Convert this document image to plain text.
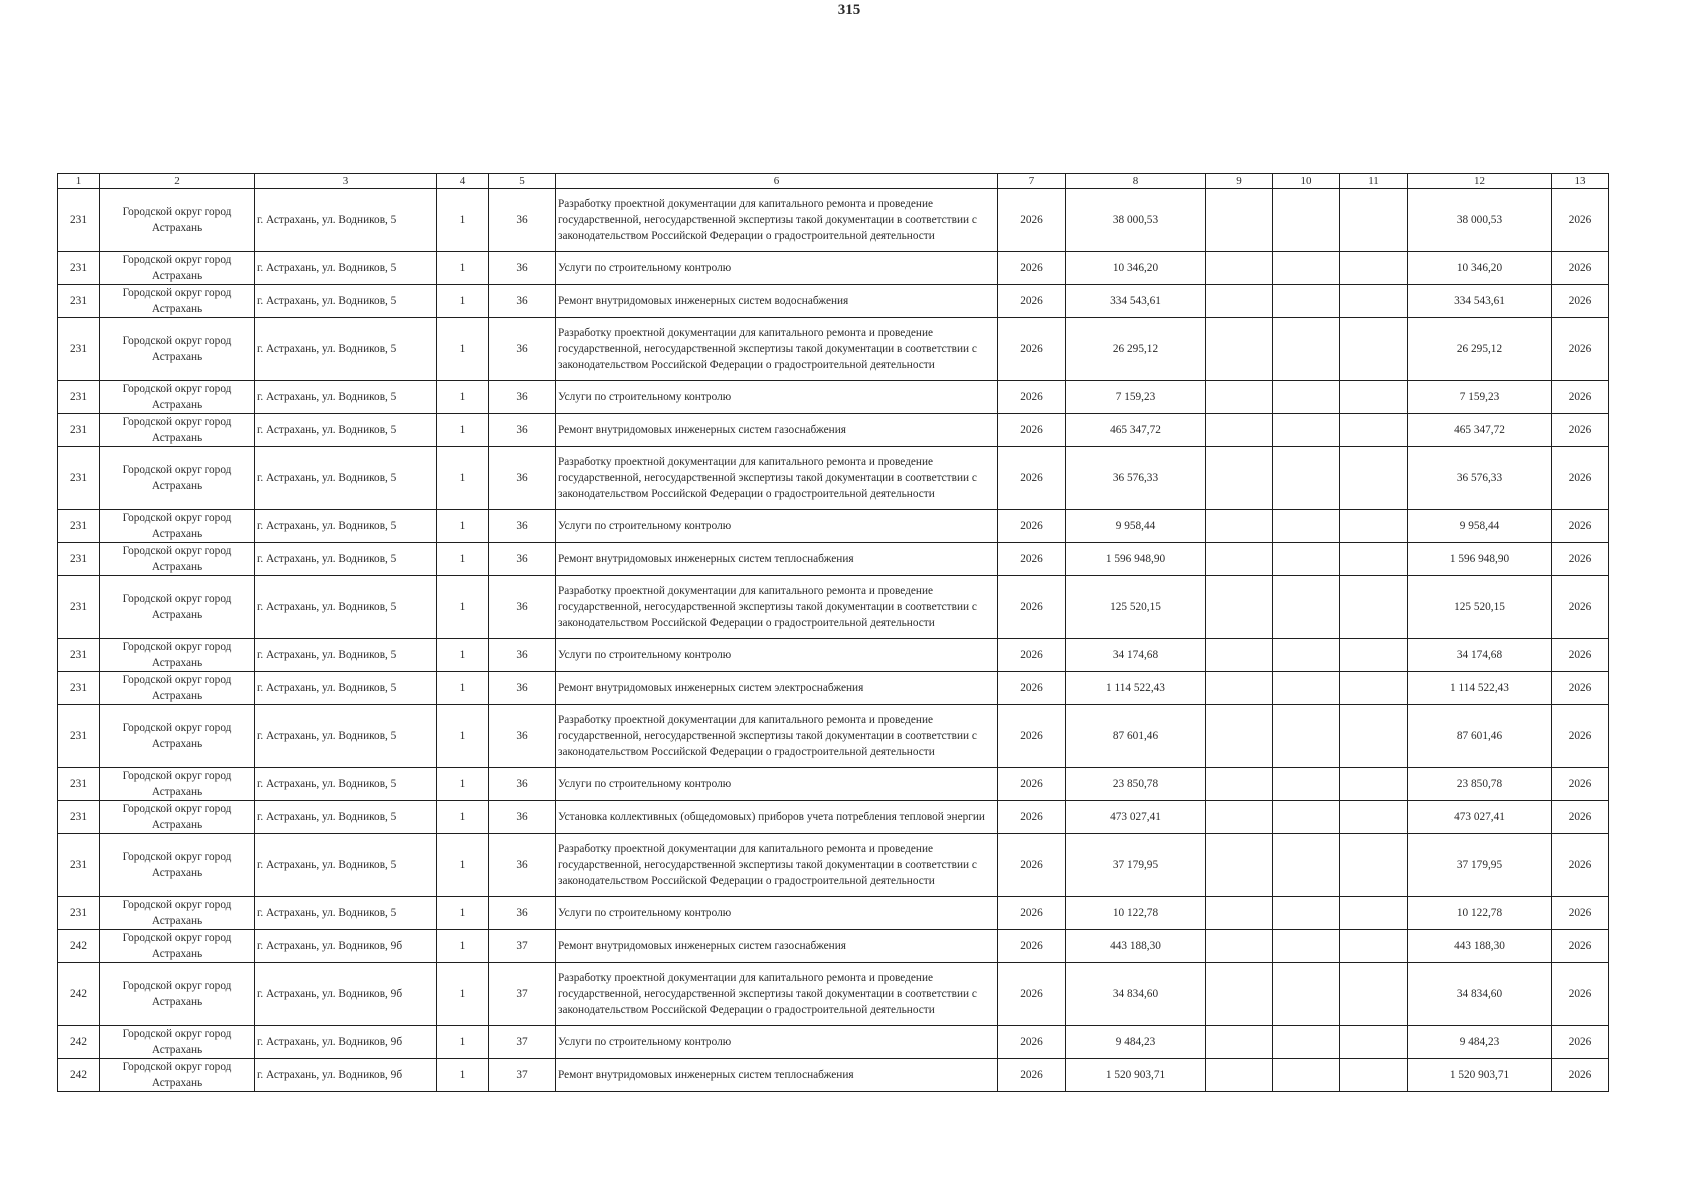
315
1	2	3	4	5	6	7	8	9	10	11	12	13
231	Городской округ город Астрахань	г. Астрахань, ул. Водников, 5	1	36	Разработку проектной документации для капитального ремонта и проведение государственной, негосударственной экспертизы такой документации в соответствии с законодательством Российской Федерации о градостроительной деятельности	2026	38 000,53				38 000,53	2026
231	Городской округ город Астрахань	г. Астрахань, ул. Водников, 5	1	36	Услуги по строительному контролю	2026	10 346,20				10 346,20	2026
231	Городской округ город Астрахань	г. Астрахань, ул. Водников, 5	1	36	Ремонт внутридомовых инженерных систем водоснабжения	2026	334 543,61				334 543,61	2026
231	Городской округ город Астрахань	г. Астрахань, ул. Водников, 5	1	36	Разработку проектной документации для капитального ремонта и проведение государственной, негосударственной экспертизы такой документации в соответствии с законодательством Российской Федерации о градостроительной деятельности	2026	26 295,12				26 295,12	2026
231	Городской округ город Астрахань	г. Астрахань, ул. Водников, 5	1	36	Услуги по строительному контролю	2026	7 159,23				7 159,23	2026
231	Городской округ город Астрахань	г. Астрахань, ул. Водников, 5	1	36	Ремонт внутридомовых инженерных систем газоснабжения	2026	465 347,72				465 347,72	2026
231	Городской округ город Астрахань	г. Астрахань, ул. Водников, 5	1	36	Разработку проектной документации для капитального ремонта и проведение государственной, негосударственной экспертизы такой документации в соответствии с законодательством Российской Федерации о градостроительной деятельности	2026	36 576,33				36 576,33	2026
231	Городской округ город Астрахань	г. Астрахань, ул. Водников, 5	1	36	Услуги по строительному контролю	2026	9 958,44				9 958,44	2026
231	Городской округ город Астрахань	г. Астрахань, ул. Водников, 5	1	36	Ремонт внутридомовых инженерных систем теплоснабжения	2026	1 596 948,90				1 596 948,90	2026
231	Городской округ город Астрахань	г. Астрахань, ул. Водников, 5	1	36	Разработку проектной документации для капитального ремонта и проведение государственной, негосударственной экспертизы такой документации в соответствии с законодательством Российской Федерации о градостроительной деятельности	2026	125 520,15				125 520,15	2026
231	Городской округ город Астрахань	г. Астрахань, ул. Водников, 5	1	36	Услуги по строительному контролю	2026	34 174,68				34 174,68	2026
231	Городской округ город Астрахань	г. Астрахань, ул. Водников, 5	1	36	Ремонт внутридомовых инженерных систем электроснабжения	2026	1 114 522,43				1 114 522,43	2026
231	Городской округ город Астрахань	г. Астрахань, ул. Водников, 5	1	36	Разработку проектной документации для капитального ремонта и проведение государственной, негосударственной экспертизы такой документации в соответствии с законодательством Российской Федерации о градостроительной деятельности	2026	87 601,46				87 601,46	2026
231	Городской округ город Астрахань	г. Астрахань, ул. Водников, 5	1	36	Услуги по строительному контролю	2026	23 850,78				23 850,78	2026
231	Городской округ город Астрахань	г. Астрахань, ул. Водников, 5	1	36	Установка коллективных (общедомовых) приборов учета потребления тепловой энергии	2026	473 027,41				473 027,41	2026
231	Городской округ город Астрахань	г. Астрахань, ул. Водников, 5	1	36	Разработку проектной документации для капитального ремонта и проведение государственной, негосударственной экспертизы такой документации в соответствии с законодательством Российской Федерации о градостроительной деятельности	2026	37 179,95				37 179,95	2026
231	Городской округ город Астрахань	г. Астрахань, ул. Водников, 5	1	36	Услуги по строительному контролю	2026	10 122,78				10 122,78	2026
242	Городской округ город Астрахань	г. Астрахань, ул. Водников, 9б	1	37	Ремонт внутридомовых инженерных систем газоснабжения	2026	443 188,30				443 188,30	2026
242	Городской округ город Астрахань	г. Астрахань, ул. Водников, 9б	1	37	Разработку проектной документации для капитального ремонта и проведение государственной, негосударственной экспертизы такой документации в соответствии с законодательством Российской Федерации о градостроительной деятельности	2026	34 834,60				34 834,60	2026
242	Городской округ город Астрахань	г. Астрахань, ул. Водников, 9б	1	37	Услуги по строительному контролю	2026	9 484,23				9 484,23	2026
242	Городской округ город Астрахань	г. Астрахань, ул. Водников, 9б	1	37	Ремонт внутридомовых инженерных систем теплоснабжения	2026	1 520 903,71				1 520 903,71	2026
